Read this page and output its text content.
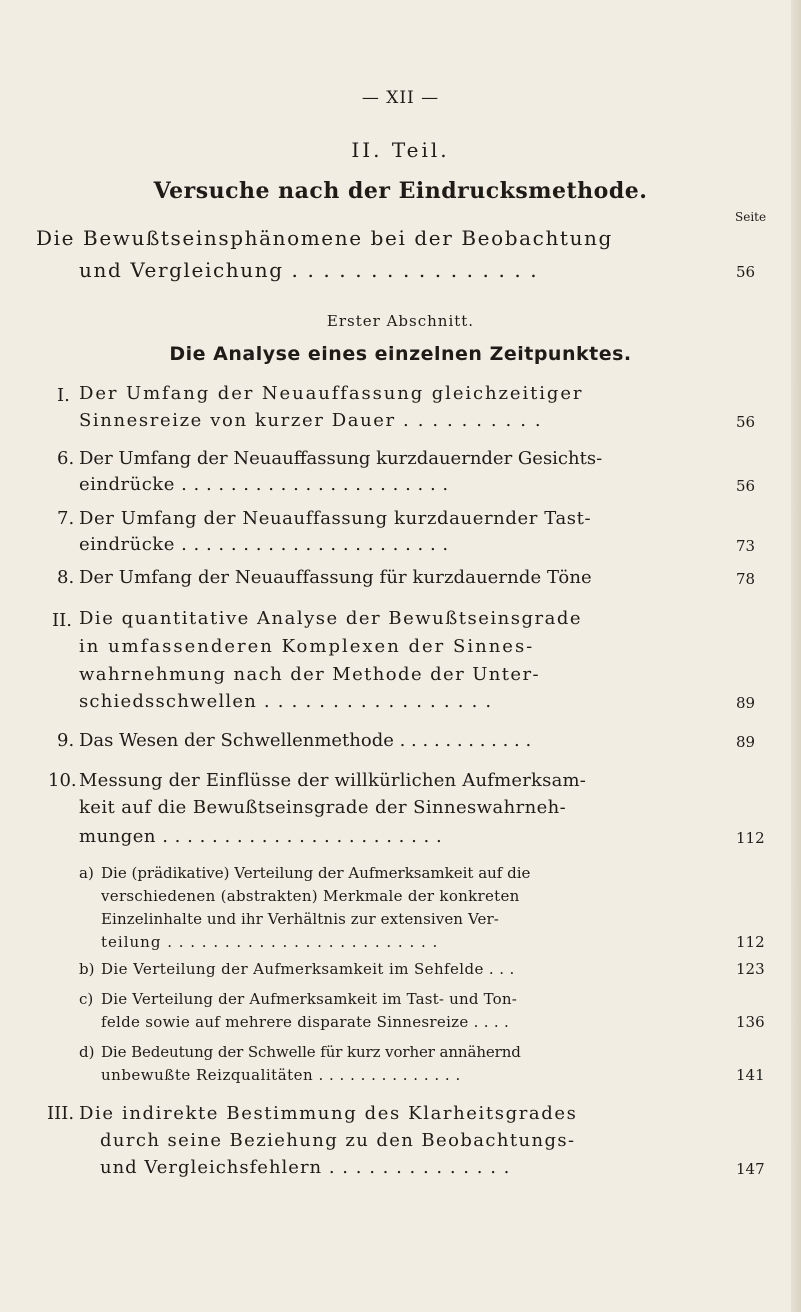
— XII —
II. Teil.
Versuche nach der Eindrucksmethode.
Seite
Die Bewußtseinsphänomene bei der Beobachtung
und Vergleichung . . . . . . . . . . . . . . . .	56
Erster Abschnitt.
Die Analyse eines einzelnen Zeitpunktes.
I. Der Umfang der Neuauffassung gleichzeitiger
Sinnesreize von kurzer Dauer . . . . . . . . . .	56
6. Der Umfang der Neuauffassung kurzdauernder Gesichts-
eindrücke . . . . . . . . . . . . . . . . . . . . . .	56
7. Der Umfang der Neuauffassung kurzdauernder Tast-
eindrücke . . . . . . . . . . . . . . . . . . . . . .	73
8. Der Umfang der Neuauffassung für kurzdauernde Töne	78
II. Die quantitative Analyse der Bewußtseinsgrade
in umfassenderen Komplexen der Sinnes-
wahrnehmung nach der Methode der Unter-
schiedsschwellen . . . . . . . . . . . . . . . . .	89
9. Das Wesen der Schwellenmethode . . . . . . . . . . . .	89
10. Messung der Einflüsse der willkürlichen Aufmerksam-
keit auf die Bewußtseinsgrade der Sinneswahrneh-
mungen . . . . . . . . . . . . . . . . . . . . . . .	112
a) Die (prädikative) Verteilung der Aufmerksamkeit auf die
verschiedenen (abstrakten) Merkmale der konkreten
Einzelinhalte und ihr Verhältnis zur extensiven Ver-
teilung . . . . . . . . . . . . . . . . . . . . . . . .	112
b) Die Verteilung der Aufmerksamkeit im Sehfelde . . .	123
c) Die Verteilung der Aufmerksamkeit im Tast- und Ton-
felde sowie auf mehrere disparate Sinnesreize . . . .	136
d) Die Bedeutung der Schwelle für kurz vorher annähernd
unbewußte Reizqualitäten . . . . . . . . . . . . . .	141
III. Die indirekte Bestimmung des Klarheitsgrades
durch seine Beziehung zu den Beobachtungs-
und Vergleichsfehlern . . . . . . . . . . . . . .	147
